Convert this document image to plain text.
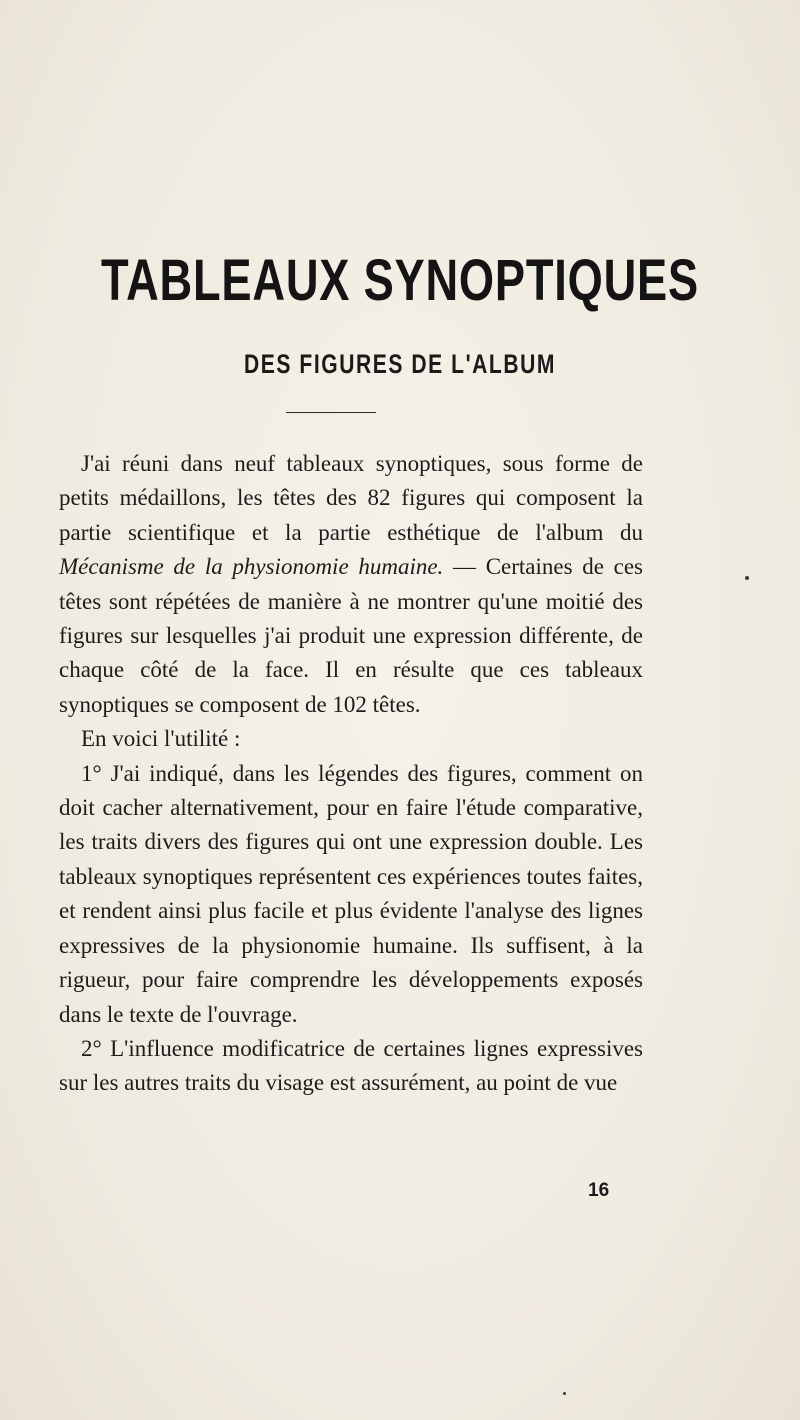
TABLEAUX SYNOPTIQUES
DES FIGURES DE L'ALBUM

J'ai réuni dans neuf tableaux synoptiques, sous forme de petits médaillons, les têtes des 82 figures qui composent la partie scientifique et la partie esthétique de l'album du Mécanisme de la physionomie humaine. — Certaines de ces têtes sont répétées de manière à ne montrer qu'une moitié des figures sur lesquelles j'ai produit une expression différente, de chaque côté de la face. Il en résulte que ces tableaux synoptiques se composent de 102 têtes.

En voici l'utilité :

1° J'ai indiqué, dans les légendes des figures, comment on doit cacher alternativement, pour en faire l'étude comparative, les traits divers des figures qui ont une expression double. Les tableaux synoptiques représentent ces expériences toutes faites, et rendent ainsi plus facile et plus évidente l'analyse des lignes expressives de la physionomie humaine. Ils suffisent, à la rigueur, pour faire comprendre les développements exposés dans le texte de l'ouvrage.

2° L'influence modificatrice de certaines lignes expressives sur les autres traits du visage est assurément, au point de vue

16
